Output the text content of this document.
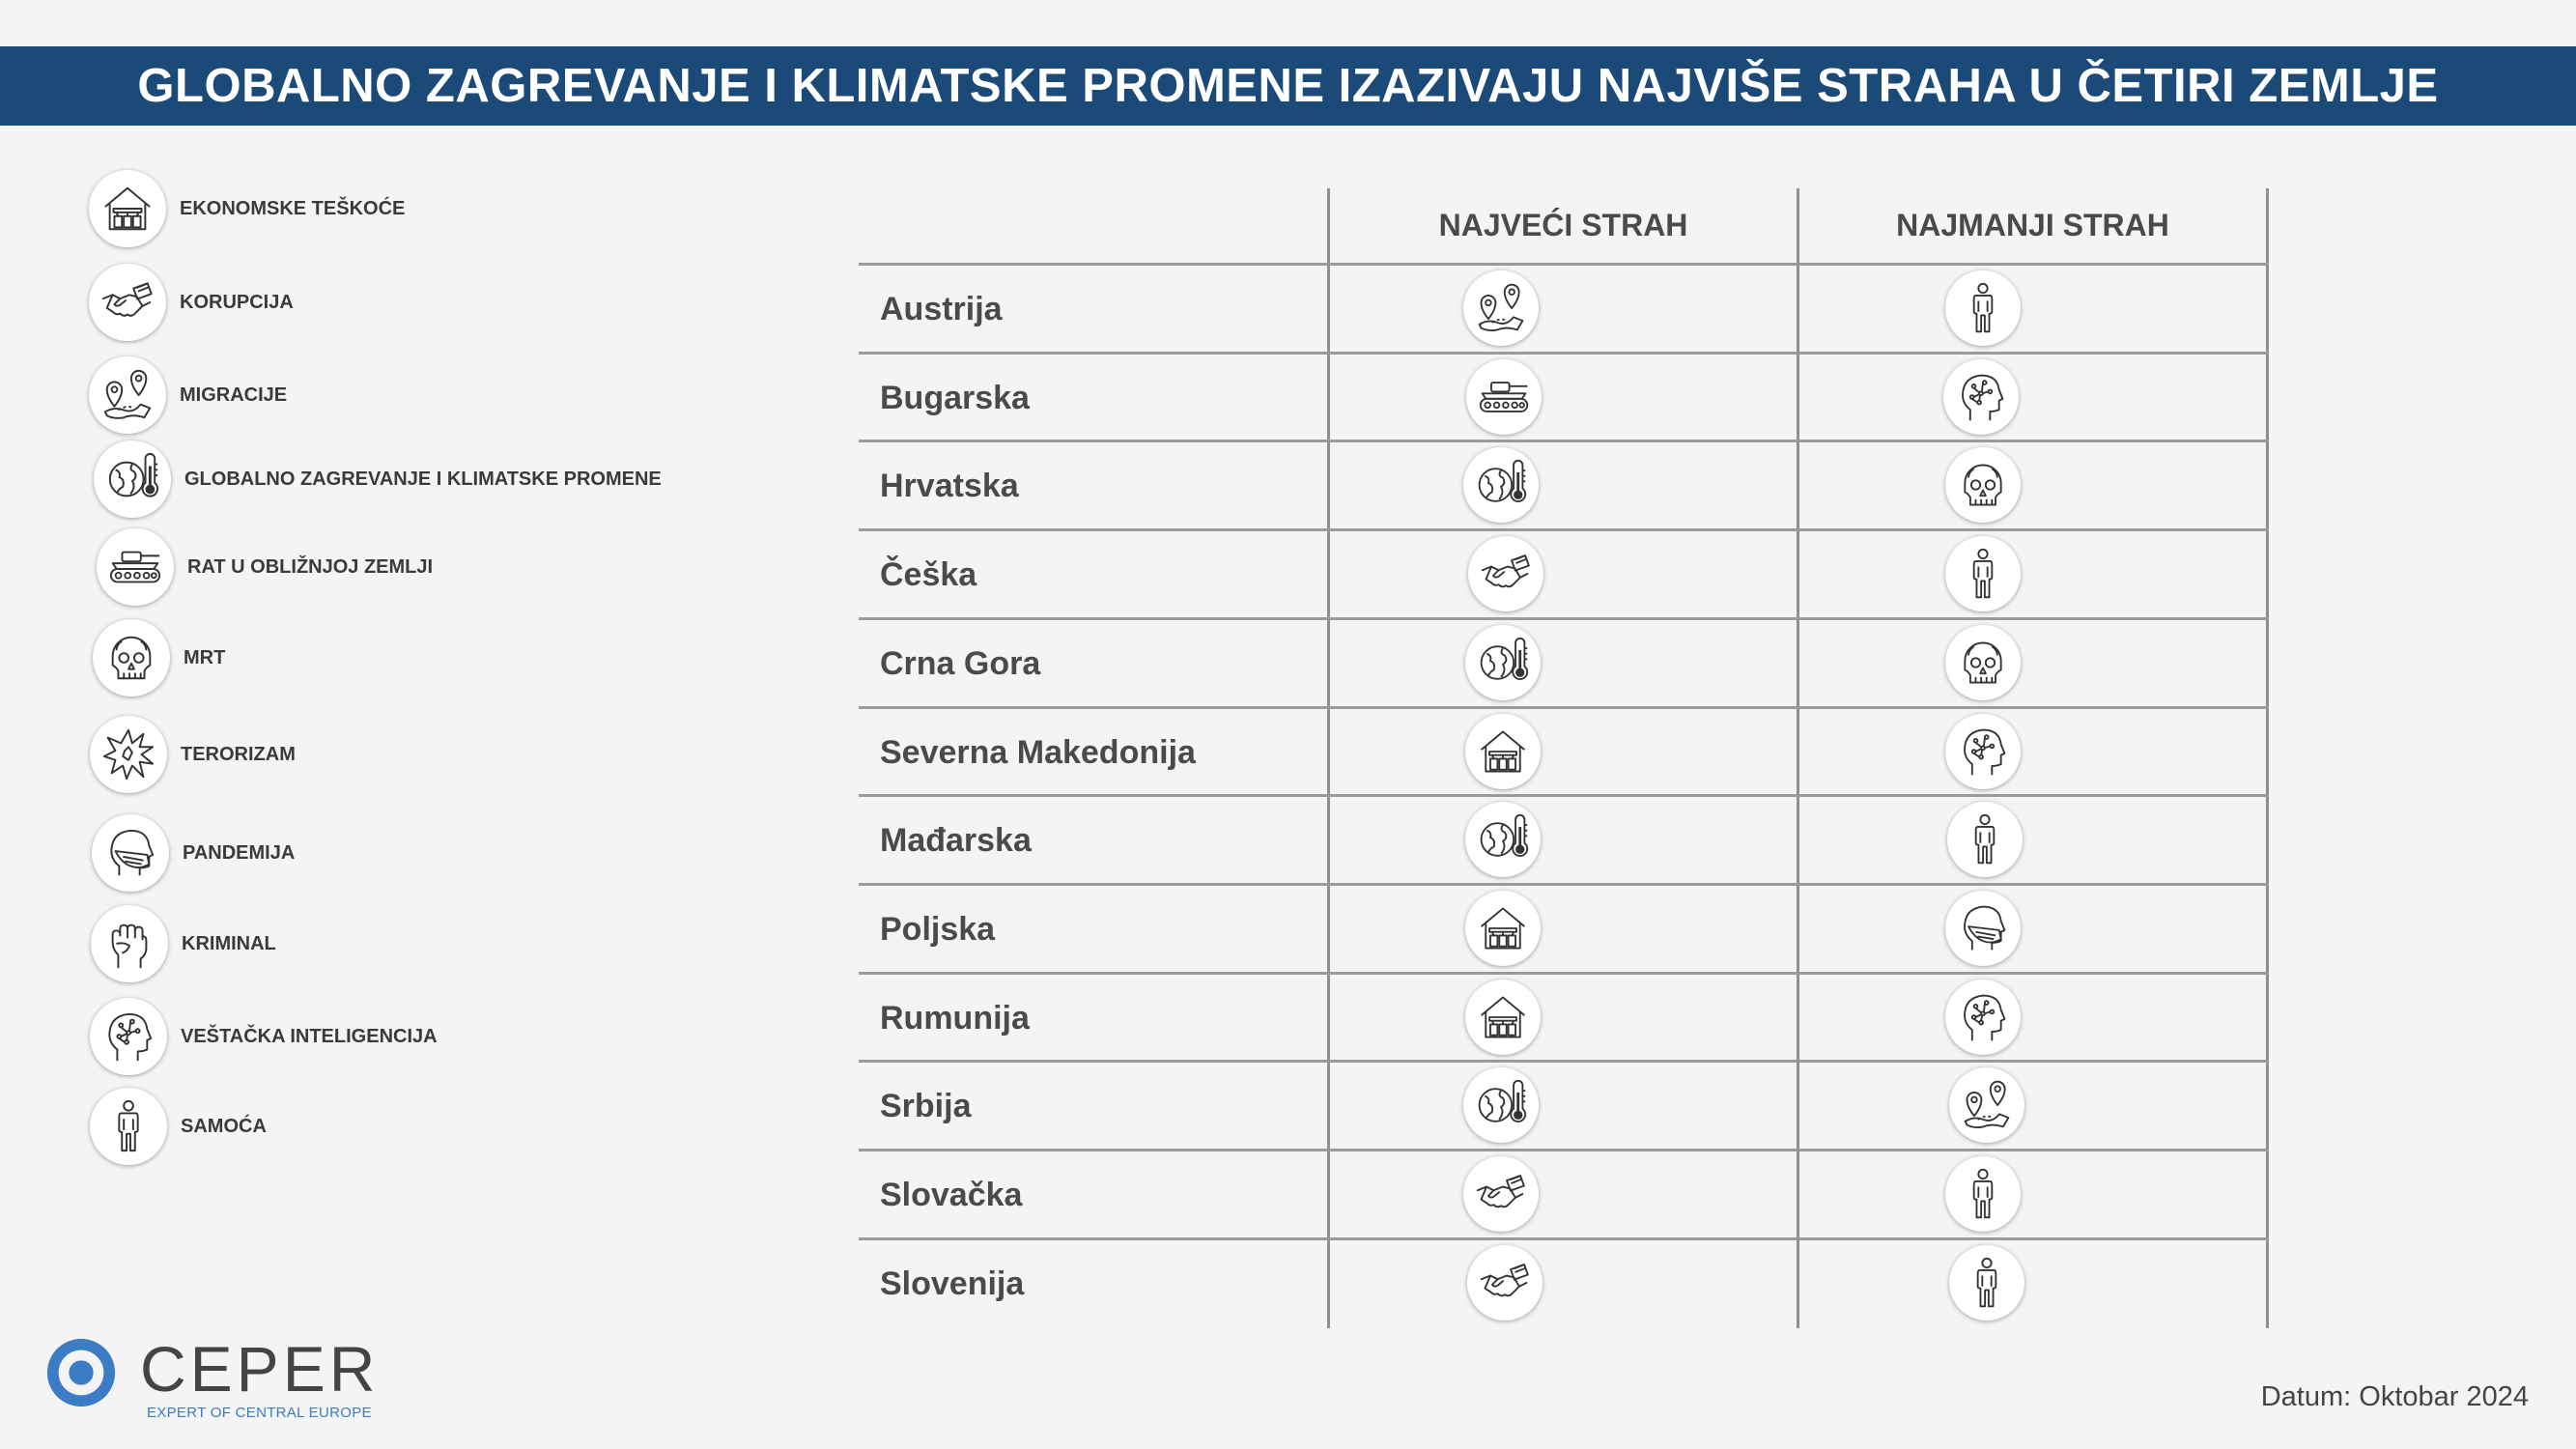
GLOBALNO ZAGREVANJE I KLIMATSKE PROMENE IZAZIVAJU NAJVIŠE STRAHA U ČETIRI ZEMLJE
EKONOMSKE TEŠKOĆE
KORUPCIJA
MIGRACIJE
GLOBALNO ZAGREVANJE I KLIMATSKE PROMENE
RAT U OBLIŽNJOJ ZEMLJI
MRT
TERORIZAM
PANDEMIJA
KRIMINAL
VEŠTAČKA INTELIGENCIJA
SAMOĆA
NAJVEĆI STRAH	NAJMANJI STRAH
Austrija
Bugarska
Hrvatska
Češka
Crna Gora
Severna Makedonija
Mađarska
Poljska
Rumunija
Srbija
Slovačka
Slovenija
CEPER
EXPERT OF CENTRAL EUROPE
Datum: Oktobar 2024
